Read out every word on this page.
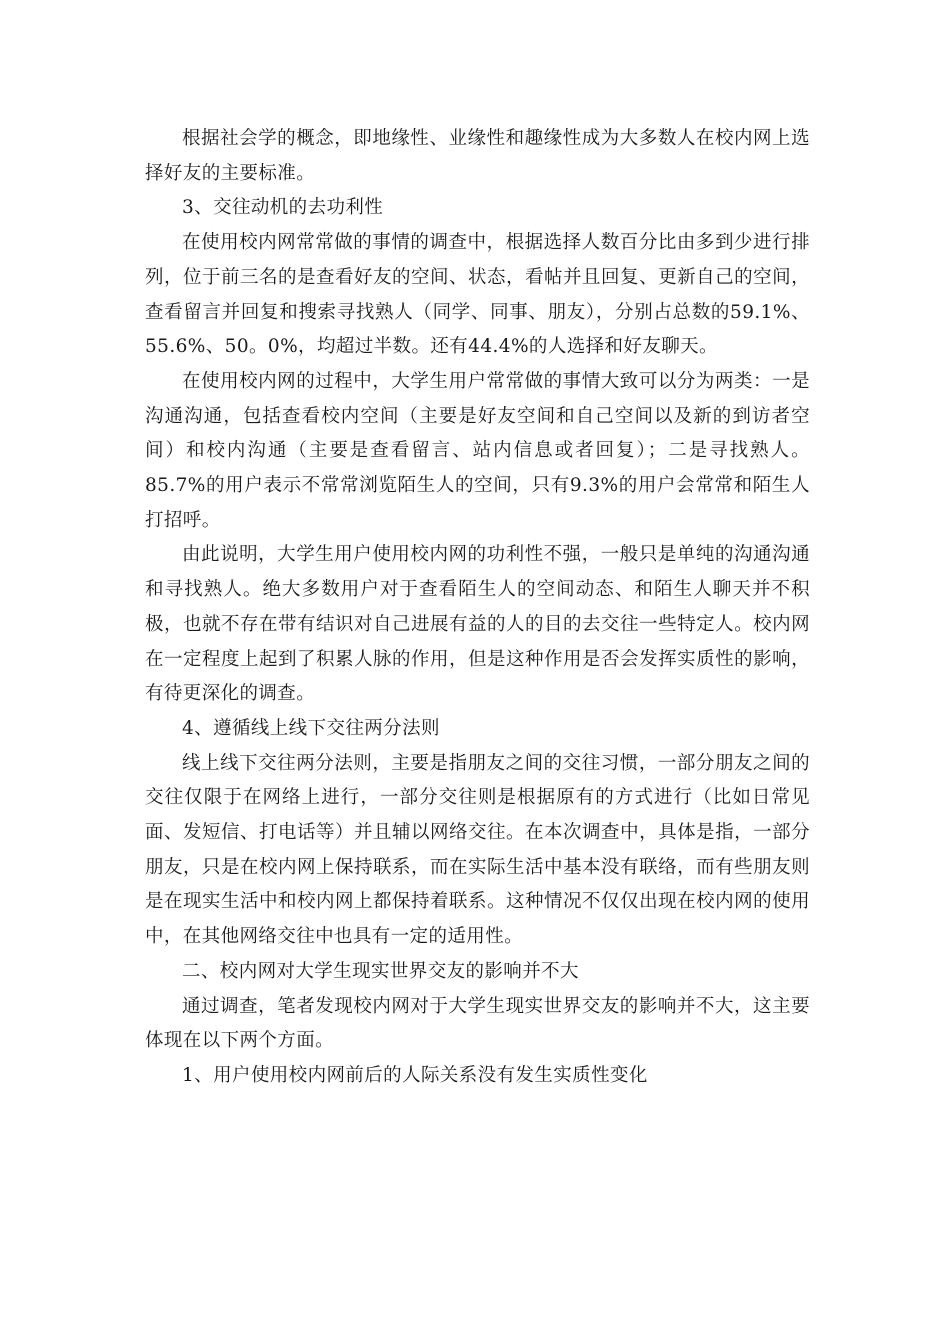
根据社会学的概念，即地缘性、业缘性和趣缘性成为大多数人在校内网上选择好友的主要标准。

3、交往动机的去功利性

在使用校内网常常做的事情的调查中，根据选择人数百分比由多到少进行排列，位于前三名的是查看好友的空间、状态，看帖并且回复、更新自己的空间，查看留言并回复和搜索寻找熟人（同学、同事、朋友），分别占总数的59.1%、55.6%、50。0%，均超过半数。还有44.4%的人选择和好友聊天。

在使用校内网的过程中，大学生用户常常做的事情大致可以分为两类：一是沟通沟通，包括查看校内空间（主要是好友空间和自己空间以及新的到访者空间）和校内沟通（主要是查看留言、站内信息或者回复）；二是寻找熟人。85.7%的用户表示不常常浏览陌生人的空间，只有9.3%的用户会常常和陌生人打招呼。

由此说明，大学生用户使用校内网的功利性不强，一般只是单纯的沟通沟通和寻找熟人。绝大多数用户对于查看陌生人的空间动态、和陌生人聊天并不积极，也就不存在带有结识对自己进展有益的人的目的去交往一些特定人。校内网在一定程度上起到了积累人脉的作用，但是这种作用是否会发挥实质性的影响，有待更深化的调查。

4、遵循线上线下交往两分法则

线上线下交往两分法则，主要是指朋友之间的交往习惯，一部分朋友之间的交往仅限于在网络上进行，一部分交往则是根据原有的方式进行（比如日常见面、发短信、打电话等）并且辅以网络交往。在本次调查中，具体是指，一部分朋友，只是在校内网上保持联系，而在实际生活中基本没有联络，而有些朋友则是在现实生活中和校内网上都保持着联系。这种情况不仅仅出现在校内网的使用中，在其他网络交往中也具有一定的适用性。

二、校内网对大学生现实世界交友的影响并不大

通过调查，笔者发现校内网对于大学生现实世界交友的影响并不大，这主要体现在以下两个方面。

1、用户使用校内网前后的人际关系没有发生实质性变化
